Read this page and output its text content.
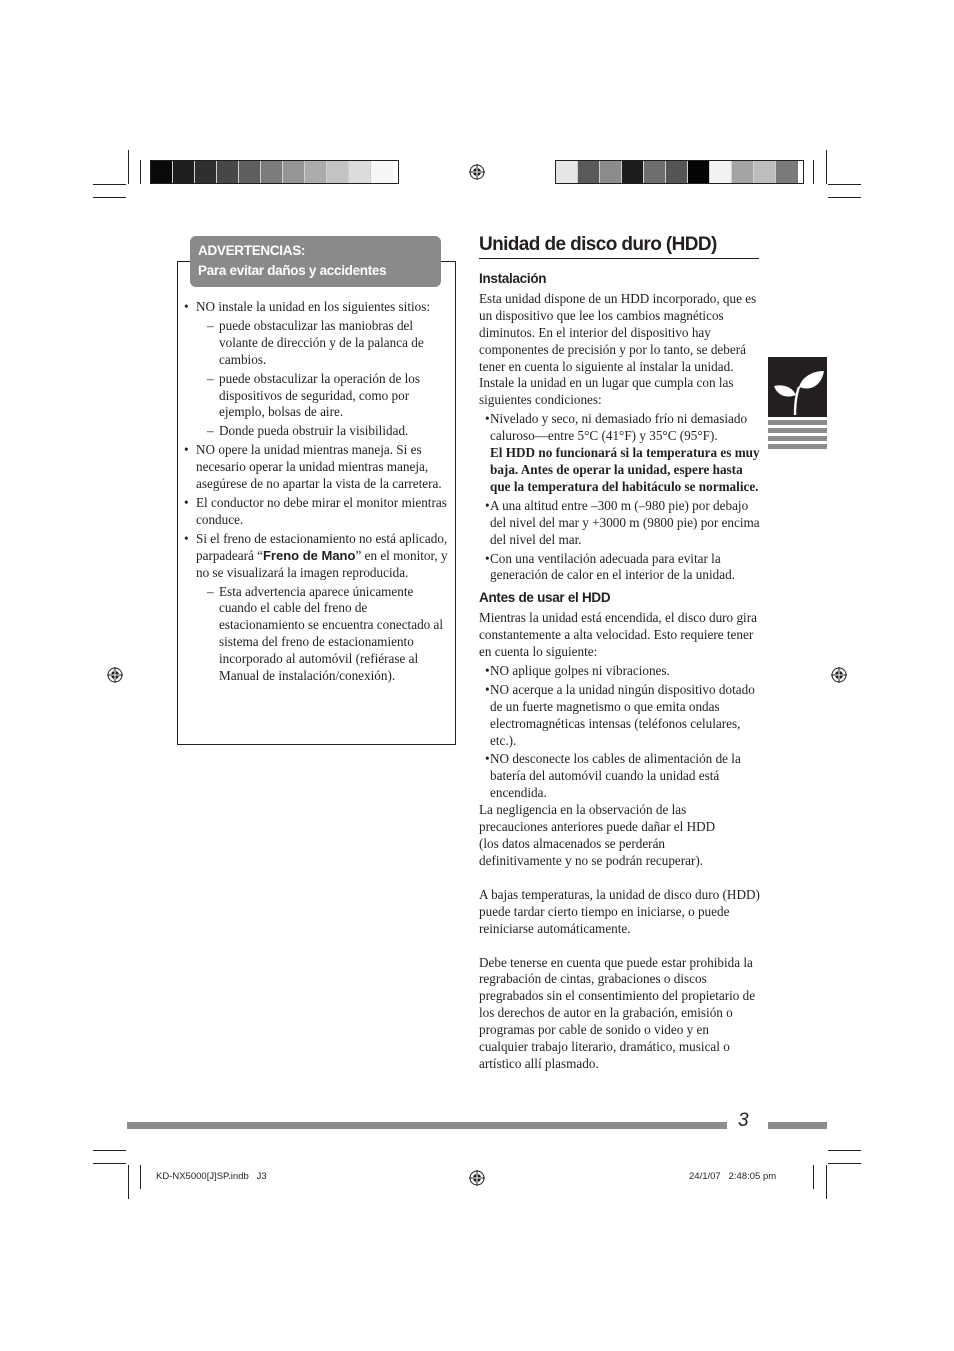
ADVERTENCIAS:
Para evitar daños y accidentes
• NO instale la unidad en los siguientes sitios:
– puede obstaculizar las maniobras del volante de dirección y de la palanca de cambios.
– puede obstaculizar la operación de los dispositivos de seguridad, como por ejemplo, bolsas de aire.
– Donde pueda obstruir la visibilidad.
• NO opere la unidad mientras maneja. Si es necesario operar la unidad mientras maneja, asegúrese de no apartar la vista de la carretera.
• El conductor no debe mirar el monitor mientras conduce.
• Si el freno de estacionamiento no está aplicado, parpadeará “Freno de Mano” en el monitor, y no se visualizará la imagen reproducida.
– Esta advertencia aparece únicamente cuando el cable del freno de estacionamiento se encuentra conectado al sistema del freno de estacionamiento incorporado al automóvil (refiérase al Manual de instalación/conexión).
Unidad de disco duro (HDD)
Instalación

Esta unidad dispone de un HDD incorporado, que es un dispositivo que lee los cambios magnéticos diminutos. En el interior del dispositivo hay componentes de precisión y por lo tanto, se deberá tener en cuenta lo siguiente al instalar la unidad. Instale la unidad en un lugar que cumpla con las siguientes condiciones:

• Nivelado y seco, ni demasiado frío ni demasiado caluroso—entre 5°C (41°F) y 35°C (95°F).
El HDD no funcionará si la temperatura es muy baja. Antes de operar la unidad, espere hasta que la temperatura del habitáculo se normalice.
• A una altitud entre –300 m (–980 pie) por debajo del nivel del mar y +3000 m (9800 pie) por encima del nivel del mar.
• Con una ventilación adecuada para evitar la generación de calor en el interior de la unidad.
Antes de usar el HDD

Mientras la unidad está encendida, el disco duro gira constantemente a alta velocidad. Esto requiere tener en cuenta lo siguiente:

• NO aplique golpes ni vibraciones.
• NO acerque a la unidad ningún dispositivo dotado de un fuerte magnetismo o que emita ondas electromagnéticas intensas (teléfonos celulares, etc.).
• NO desconecte los cables de alimentación de la batería del automóvil cuando la unidad está encendida.

La negligencia en la observación de las precauciones anteriores puede dañar el HDD (los datos almacenados se perderán definitivamente y no se podrán recuperar).

A bajas temperaturas, la unidad de disco duro (HDD) puede tardar cierto tiempo en iniciarse, o puede reiniciarse automáticamente.

Debe tenerse en cuenta que puede estar prohibida la regrabación de cintas, grabaciones o discos pregrabados sin el consentimiento del propietario de los derechos de autor en la grabación, emisión o programas por cable de sonido o video y en cualquier trabajo literario, dramático, musical o artístico allí plasmado.

3
KD-NX5000[J]SP.indb   J3	24/1/07   2:48:05 pm
